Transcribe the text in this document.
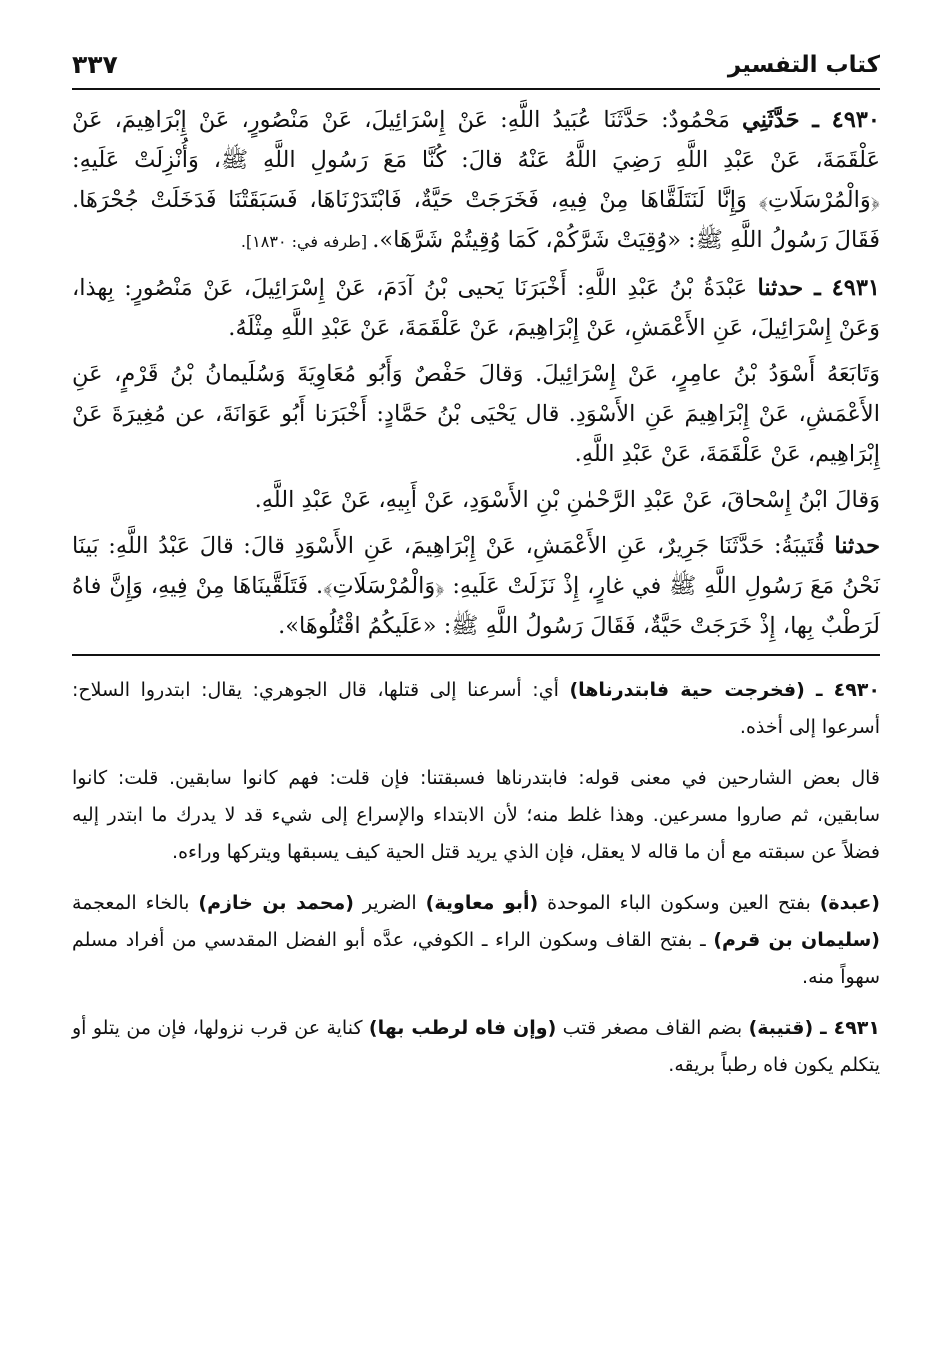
كتاب التفسير
٣٣٧

٤٩٣٠ ـ حَدَّثَنِي مَحْمُودٌ: حَدَّثَنَا عُبَيدُ اللَّهِ: عَنْ إِسْرَائِيلَ، عَنْ مَنْصُورٍ، عَنْ إِبْرَاهِيمَ، عَنْ عَلْقَمَةَ، عَنْ عَبْدِ اللَّهِ رَضِيَ اللَّهُ عَنْهُ قالَ: كُنَّا مَعَ رَسُولِ اللَّهِ ﷺ، وَأُنْزِلَتْ عَلَيهِ: ﴿وَالْمُرْسَلَاتِ﴾ وَإِنَّا لَنَتَلَقَّاهَا مِنْ فِيهِ، فَخَرَجَتْ حَيَّةٌ، فَابْتَدَرْنَاهَا، فَسَبَقَتْنَا فَدَخَلَتْ جُحْرَهَا. فَقَالَ رَسُولُ اللَّهِ ﷺ: «وُقِيَتْ شَرَّكُمْ، كَمَا وُقِيتُمْ شَرَّهَا». [طرفه في: ١٨٣٠].

٤٩٣١ ـ حدثنا عَبْدَةُ بْنُ عَبْدِ اللَّهِ: أَخْبَرَنَا يَحيى بْنُ آدَمَ، عَنْ إِسْرَائِيلَ، عَنْ مَنْصُورٍ: بِهذا، وَعَنْ إِسْرَائِيلَ، عَنِ الأَعْمَشِ، عَنْ إِبْرَاهِيمَ، عَنْ عَلْقَمَةَ، عَنْ عَبْدِ اللَّهِ مِثْلَهُ.

وَتَابَعَهُ أَسْوَدُ بْنُ عامِرٍ، عَنْ إِسْرَائِيلَ. وَقالَ حَفْصٌ وَأَبُو مُعَاوِيَةَ وَسُلَيمانُ بْنُ قَرْمٍ، عَنِ الأَعْمَشِ، عَنْ إِبْرَاهِيمَ عَنِ الأَسْوَدِ. قال يَحْيَى بْنُ حَمَّادٍ: أَخْبَرَنا أَبُو عَوَانَةَ، عن مُغِيرَةَ عَنْ إِبْرَاهِيم، عَنْ عَلْقَمَةَ، عَنْ عَبْدِ اللَّهِ.

وَقالَ ابْنُ إِسْحاقَ، عَنْ عَبْدِ الرَّحْمٰنِ بْنِ الأَسْوَدِ، عَنْ أَبِيهِ، عَنْ عَبْدِ اللَّهِ.

حدثنا قُتَيبَةُ: حَدَّثَنَا جَرِيرٌ، عَنِ الأَعْمَشِ، عَنْ إِبْرَاهِيمَ، عَنِ الأَسْوَدِ قالَ: قالَ عَبْدُ اللَّهِ: بَينَا نَحْنُ مَعَ رَسُولِ اللَّهِ ﷺ في غارٍ، إِذْ نَزَلَتْ عَلَيهِ: ﴿وَالْمُرْسَلَاتِ﴾. فَتَلَقَّينَاهَا مِنْ فِيهِ، وَإِنَّ فاهُ لَرَطْبٌ بِها، إِذْ خَرَجَتْ حَيَّةٌ، فَقَالَ رَسُولُ اللَّهِ ﷺ: «عَلَيكُمُ اقْتُلُوهَا».

٤٩٣٠ ـ (فخرجت حية فابتدرناها) أي: أسرعنا إلى قتلها، قال الجوهري: يقال: ابتدروا السلاح: أسرعوا إلى أخذه.

قال بعض الشارحين في معنى قوله: فابتدرناها فسبقتنا: فإن قلت: فهم كانوا سابقين. قلت: كانوا سابقين، ثم صاروا مسرعين. وهذا غلط منه؛ لأن الابتداء والإسراع إلى شيء قد لا يدرك ما ابتدر إليه فضلاً عن سبقته مع أن ما قاله لا يعقل، فإن الذي يريد قتل الحية كيف يسبقها ويتركها وراءه.

(عبدة) بفتح العين وسكون الباء الموحدة (أبو معاوية) الضرير (محمد بن خازم) بالخاء المعجمة (سليمان بن قرم) ـ بفتح القاف وسكون الراء ـ الكوفي، عدَّه أبو الفضل المقدسي من أفراد مسلم سهواً منه.

٤٩٣١ ـ (قتيبة) بضم القاف مصغر قتب (وإن فاه لرطب بها) كناية عن قرب نزولها، فإن من يتلو أو يتكلم يكون فاه رطباً بريقه.
